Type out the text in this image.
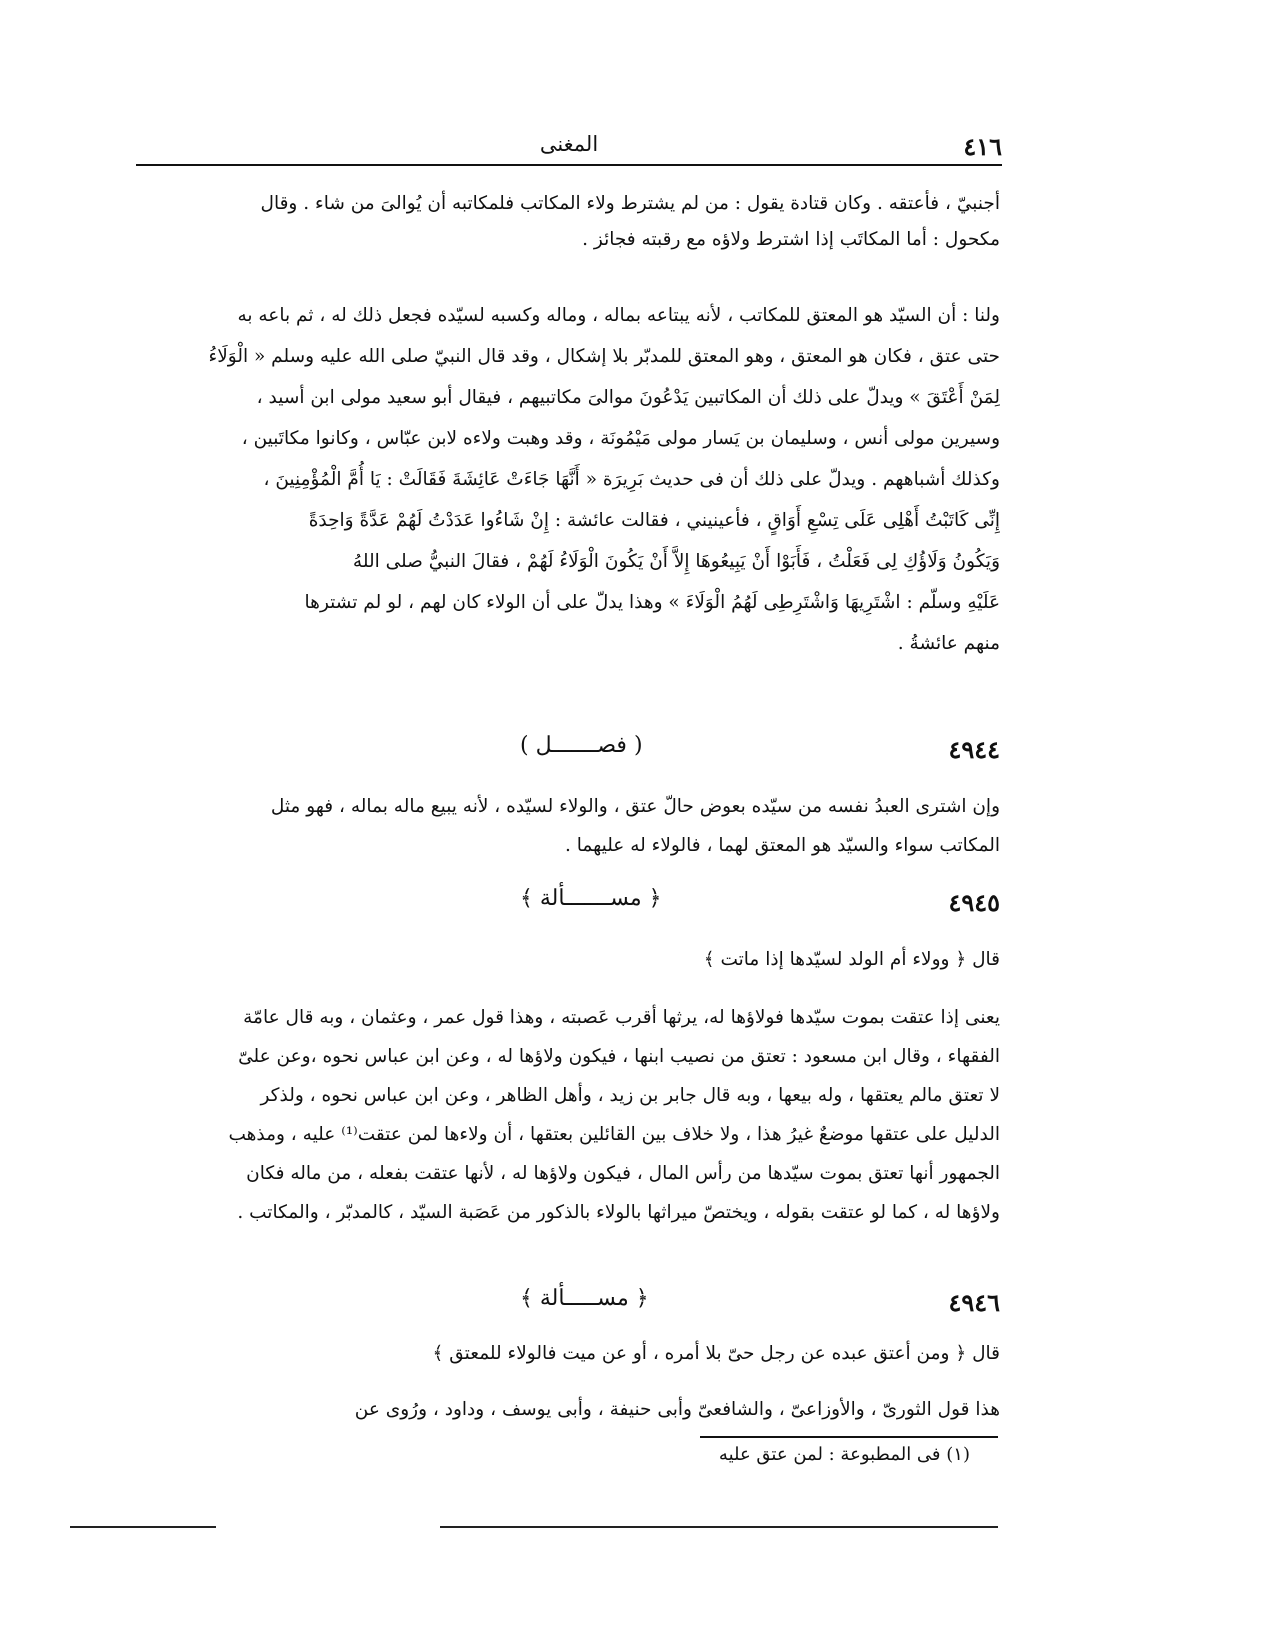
٤١٦
المغنى
أجنبيّ ، فأعتقه . وكان قتادة يقول : من لم يشترط ولاء المكاتب فلمكاتبه أن يُوالىَ من شاء . وقال
مكحول : أما المكاتَب إذا اشترط ولاؤه مع رقبته فجائز .
ولنا : أن السيّد هو المعتق للمكاتب ، لأنه يبتاعه بماله ، وماله وكسبه لسيّده فجعل ذلك له ، ثم باعه به
حتى عتق ، فكان هو المعتق ، وهو المعتق للمدبّر بلا إشكال ، وقد قال النبيّ صلى الله عليه وسلم « الْوَلَاءُ
لِمَنْ أَعْتَقَ » ويدلّ على ذلك أن المكاتبين يَدْعُونَ موالىَ مكاتبيهم ، فيقال أبو سعيد مولى ابن أسيد ،
وسيرين مولى أنس ، وسليمان بن يَسار مولى مَيْمُونَة ، وقد وهبت ولاءه لابن عبّاس ، وكانوا مكاتَبين ،
وكذلك أشباههم . ويدلّ على ذلك أن فى حديث بَرِيرَة « أَنَّهَا جَاءَتْ عَائِشَةَ فَقَالَتْ : يَا أُمَّ الْمُؤْمِنِينَ ،
إِنِّى كَاتَبْتُ أَهْلِى عَلَى تِسْعِ أَوَاقٍ ، فأعينيني ، فقالت عائشة : إِنْ شَاءُوا عَدَدْتُ لَهُمْ عَدَّةً وَاحِدَةً
وَيَكُونُ وَلَاؤُكِ لِى فَعَلْتُ ، فَأَبَوْا أَنْ يَبِيعُوهَا إِلاَّ أَنْ يَكُونَ الْوَلَاءُ لَهُمْ ، فقالَ النبيُّ صلى اللهُ
عَلَيْهِ وسلّم : اشْتَرِيهَا وَاشْتَرِطِى لَهُمُ الْوَلَاءَ » وهذا يدلّ على أن الولاء كان لهم ، لو لم تشترها
منهم عائشةُ .
وإن اشترى العبدُ نفسه من سيّده بعوض حالّ عتق ، والولاء لسيّده ، لأنه يبيع ماله بماله ، فهو مثل
المكاتب سواء والسيّد هو المعتق لهما ، فالولاء له عليهما .
قال ﴿ وولاء أم الولد لسيّدها إذا ماتت ﴾
يعنى إذا عتقت بموت سيّدها فولاؤها له، يرثها أقرب عَصبته ، وهذا قول عمر ، وعثمان ، وبه قال عامّة
الفقهاء ، وقال ابن مسعود : تعتق من نصيب ابنها ، فيكون ولاؤها له ، وعن ابن عباس نحوه ،وعن علىّ
لا تعتق مالم يعتقها ، وله بيعها ، وبه قال جابر بن زيد ، وأهل الظاهر ، وعن ابن عباس نحوه ، ولذكر
الدليل على عتقها موضعٌ غيرُ هذا ، ولا خلاف بين القائلين بعتقها ، أن ولاءها لمن عتقت⁽¹⁾ عليه ، ومذهب
الجمهور أنها تعتق بموت سيّدها من رأس المال ، فيكون ولاؤها له ، لأنها عتقت بفعله ، من ماله فكان
ولاؤها له ، كما لو عتقت بقوله ، ويختصّ ميراثها بالولاء بالذكور من عَصَبة السيّد ، كالمدبّر ، والمكاتب .
قال ﴿ ومن أعتق عبده عن رجل حىّ بلا أمره ، أو عن ميت فالولاء للمعتق ﴾
هذا قول الثورىّ ، والأوزاعىّ ، والشافعىّ وأبى حنيفة ، وأبى يوسف ، وداود ، ورُوى عن
٤٩٤٤
( فصـــــــل )
٤٩٤٥
﴿ مســـــــألة ﴾
٤٩٤٦
﴿ مســـــألة ﴾
(١) فى المطبوعة : لمن عتق عليه
